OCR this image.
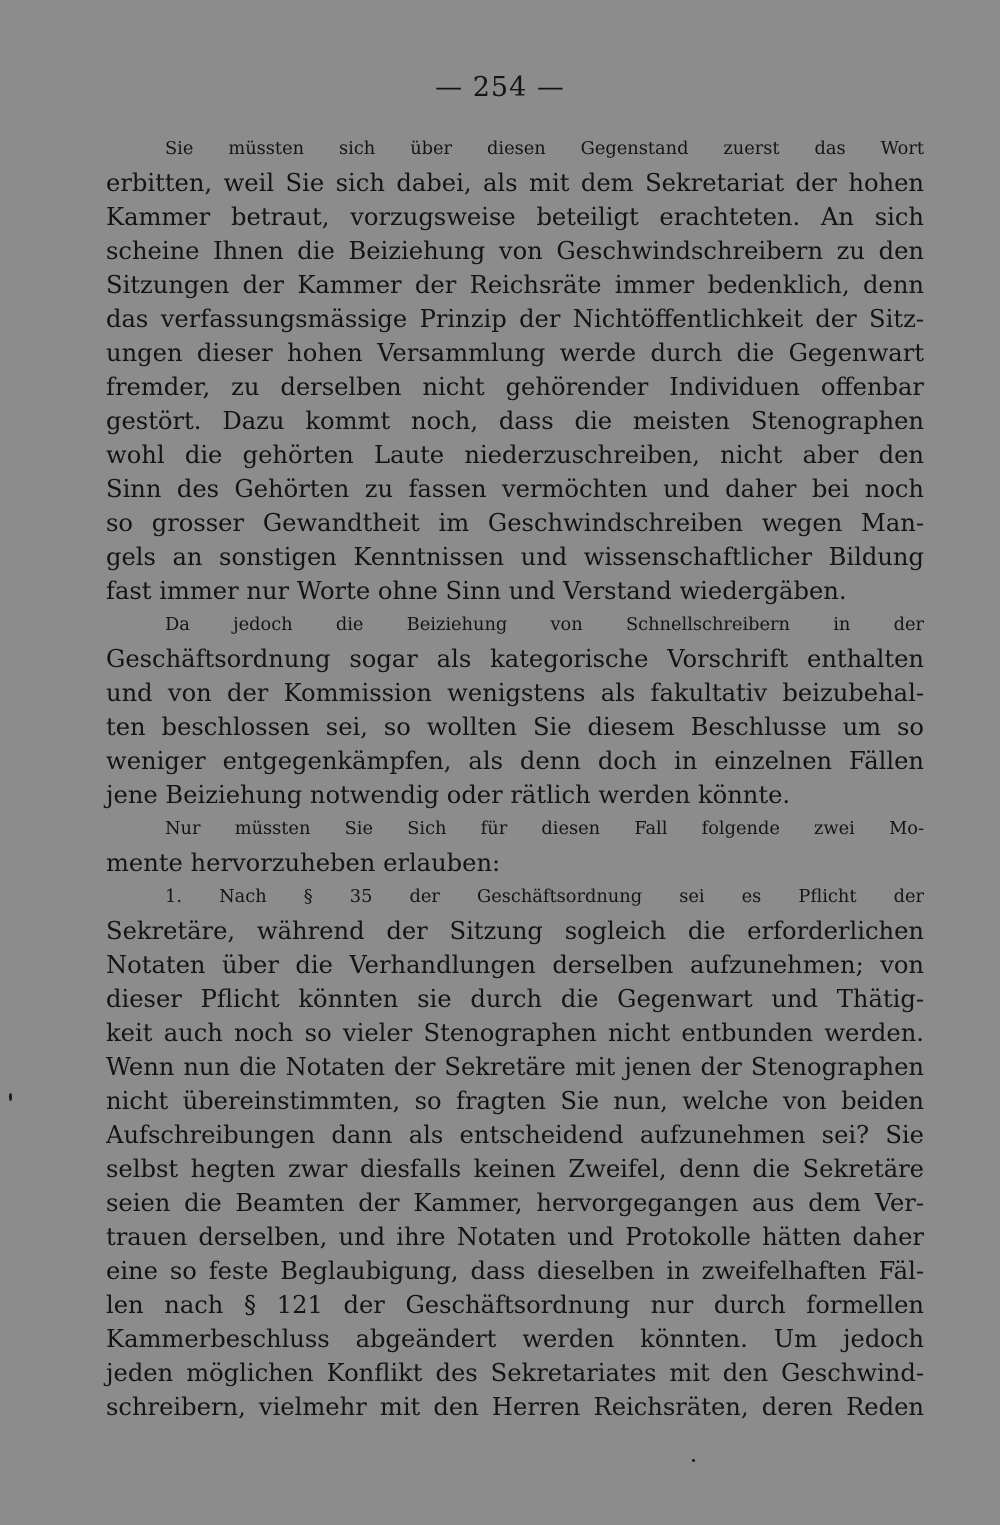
— 254 —
Sie müssten sich über diesen Gegenstand zuerst das Wort
erbitten, weil Sie sich dabei, als mit dem Sekretariat der hohen
Kammer betraut, vorzugsweise beteiligt erachteten. An sich
scheine Ihnen die Beiziehung von Geschwindschreibern zu den
Sitzungen der Kammer der Reichsräte immer bedenklich, denn
das verfassungsmässige Prinzip der Nichtöffentlichkeit der Sitz-
ungen dieser hohen Versammlung werde durch die Gegenwart
fremder, zu derselben nicht gehörender Individuen offenbar
gestört. Dazu kommt noch, dass die meisten Stenographen
wohl die gehörten Laute niederzuschreiben, nicht aber den
Sinn des Gehörten zu fassen vermöchten und daher bei noch
so grosser Gewandtheit im Geschwindschreiben wegen Man-
gels an sonstigen Kenntnissen und wissenschaftlicher Bildung
fast immer nur Worte ohne Sinn und Verstand wiedergäben.
Da jedoch die Beiziehung von Schnellschreibern in der
Geschäftsordnung sogar als kategorische Vorschrift enthalten
und von der Kommission wenigstens als fakultativ beizubehal-
ten beschlossen sei, so wollten Sie diesem Beschlusse um so
weniger entgegenkämpfen, als denn doch in einzelnen Fällen
jene Beiziehung notwendig oder rätlich werden könnte.
Nur müssten Sie Sich für diesen Fall folgende zwei Mo-
mente hervorzuheben erlauben:
1. Nach § 35 der Geschäftsordnung sei es Pflicht der
Sekretäre, während der Sitzung sogleich die erforderlichen
Notaten über die Verhandlungen derselben aufzunehmen; von
dieser Pflicht könnten sie durch die Gegenwart und Thätig-
keit auch noch so vieler Stenographen nicht entbunden werden.
Wenn nun die Notaten der Sekretäre mit jenen der Stenographen
nicht übereinstimmten, so fragten Sie nun, welche von beiden
Aufschreibungen dann als entscheidend aufzunehmen sei? Sie
selbst hegten zwar diesfalls keinen Zweifel, denn die Sekretäre
seien die Beamten der Kammer, hervorgegangen aus dem Ver-
trauen derselben, und ihre Notaten und Protokolle hätten daher
eine so feste Beglaubigung, dass dieselben in zweifelhaften Fäl-
len nach § 121 der Geschäftsordnung nur durch formellen
Kammerbeschluss abgeändert werden könnten. Um jedoch
jeden möglichen Konflikt des Sekretariates mit den Geschwind-
schreibern, vielmehr mit den Herren Reichsräten, deren Reden
